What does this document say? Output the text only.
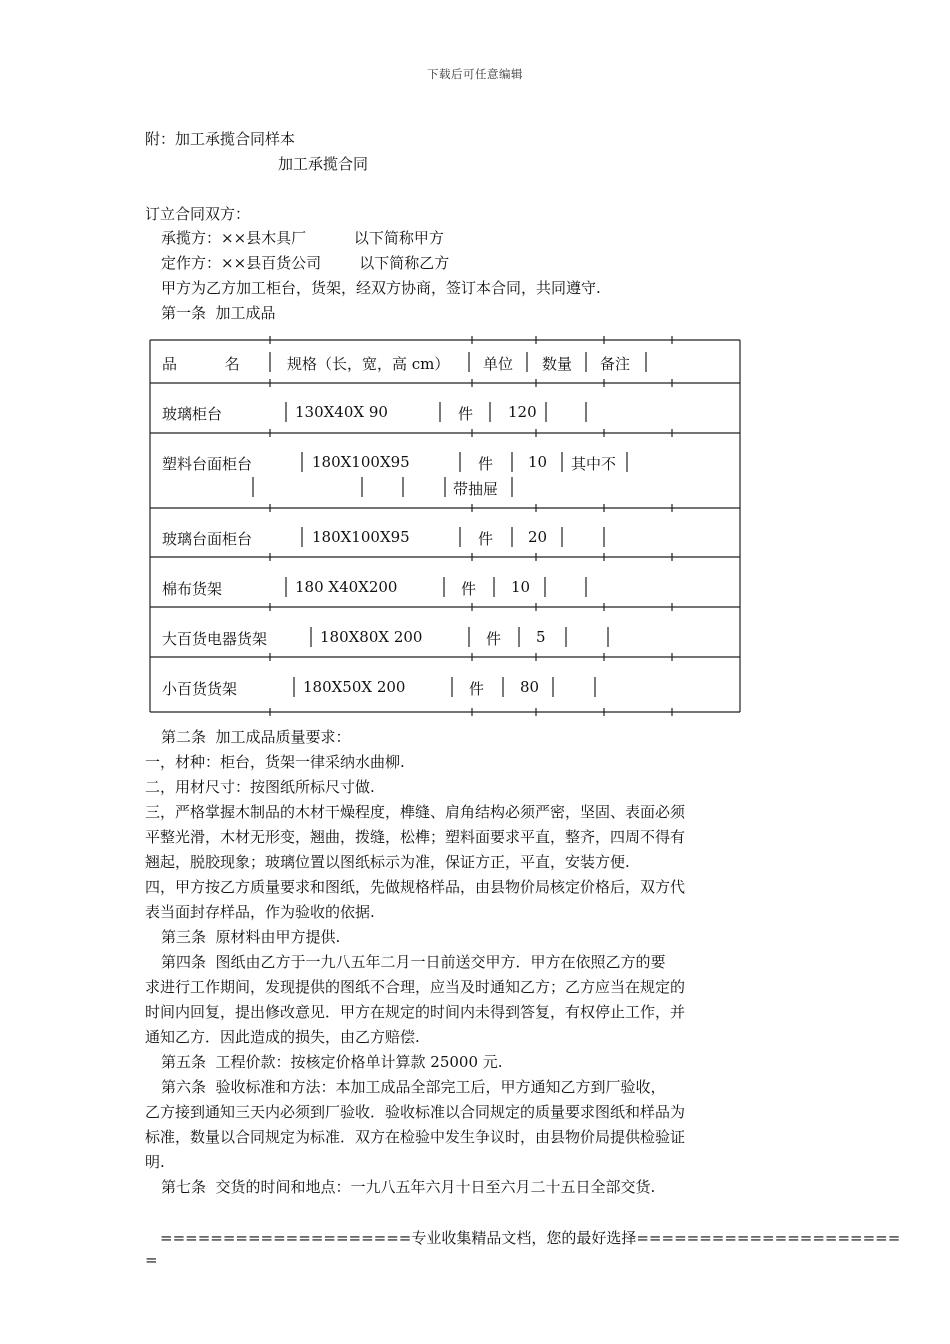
下载后可任意编辑
附：加工承揽合同样本
加工承揽合同
订立合同双方：
承揽方：××县木具厂          以下简称甲方
定作方：××县百货公司        以下简称乙方
甲方为乙方加工柜台，货架，经双方协商，签订本合同，共同遵守.
第一条  加工成品
品          名	规格（长，宽，高 cm） 单位 数量 备注
玻璃柜台	130X40X 90	件 120
塑料台面柜台	180X100X95	件 10 其中不
带抽屉
玻璃台面柜台	180X100X95	件 20
棉布货架	180 X40X200	件 10
大百货电器货架	180X80X 200	件 5
小百货货架	180X50X 200	件 80
第二条  加工成品质量要求：
一，材种：柜台，货架一律采纳水曲柳.
二，用材尺寸：按图纸所标尺寸做.
三，严格掌握木制品的木材干燥程度，榫缝、肩角结构必须严密，坚固、表面必须
平整光滑，木材无形变，翘曲，拨缝，松榫；塑料面要求平直，整齐，四周不得有
翘起，脱胶现象；玻璃位置以图纸标示为准，保证方正，平直，安装方便.
四，甲方按乙方质量要求和图纸，先做规格样品，由县物价局核定价格后，双方代
表当面封存样品，作为验收的依据.
第三条  原材料由甲方提供.
第四条  图纸由乙方于一九八五年二月一日前送交甲方．甲方在依照乙方的要
求进行工作期间，发现提供的图纸不合理，应当及时通知乙方；乙方应当在规定的
时间内回复，提出修改意见．甲方在规定的时间内未得到答复，有权停止工作，并
通知乙方．因此造成的损失，由乙方赔偿.
第五条  工程价款：按核定价格单计算款 25000 元.
第六条  验收标准和方法：本加工成品全部完工后，甲方通知乙方到厂验收，
乙方接到通知三天内必须到厂验收．验收标准以合同规定的质量要求图纸和样品为
标准，数量以合同规定为标准．双方在检验中发生争议时，由县物价局提供检验证
明.
第七条  交货的时间和地点：一九八五年六月十日至六月二十五日全部交货.
====================专业收集精品文档，您的最好选择=====================
=
